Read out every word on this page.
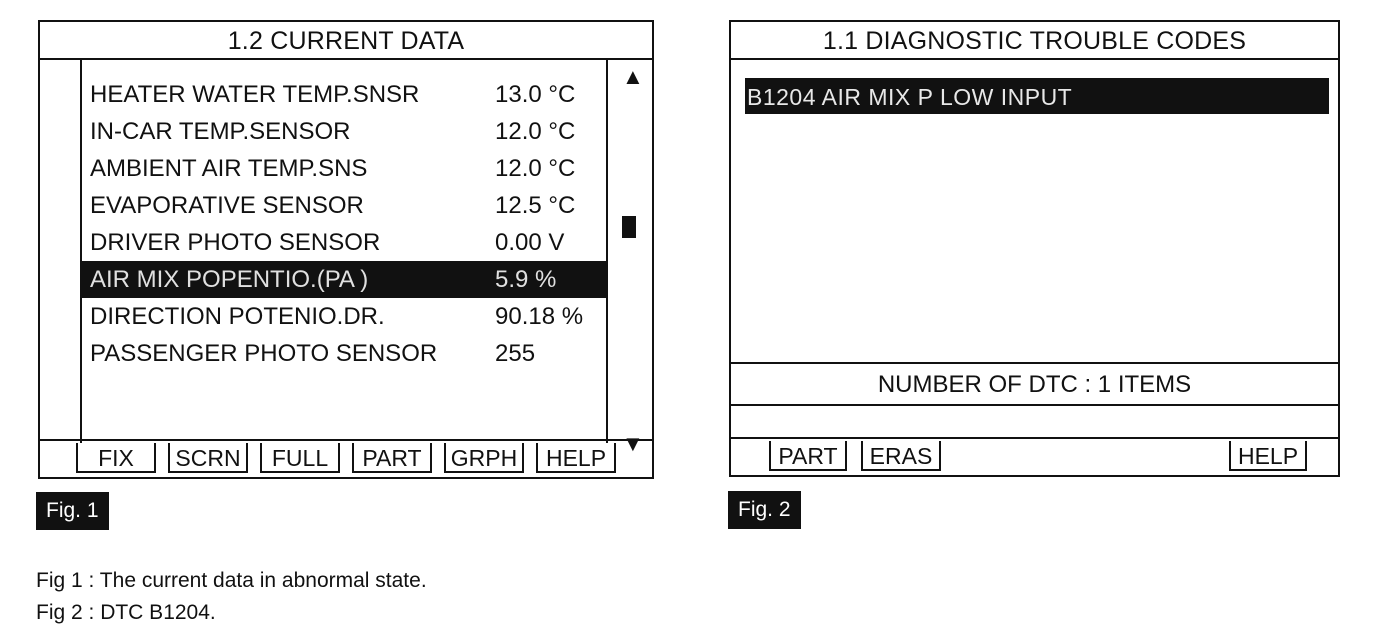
1.2 CURRENT DATA
HEATER WATER TEMP.SNSR	13.0 °C
IN-CAR TEMP.SENSOR	12.0 °C
AMBIENT AIR TEMP.SNS	12.0 °C
EVAPORATIVE SENSOR	12.5 °C
DRIVER PHOTO SENSOR	0.00 V
AIR MIX POPENTIO.(PA )	5.9 %
DIRECTION POTENIO.DR.	90.18 %
PASSENGER PHOTO SENSOR 255
▲
▼
FIX	SCRN	FULL	PART	GRPH	HELP
1.1 DIAGNOSTIC TROUBLE CODES
B1204 AIR MIX P LOW INPUT
NUMBER OF DTC : 1 ITEMS
PART	ERAS	HELP
Fig. 1	Fig. 2
Fig 1 : The current data in abnormal state.
Fig 2 : DTC B1204.
